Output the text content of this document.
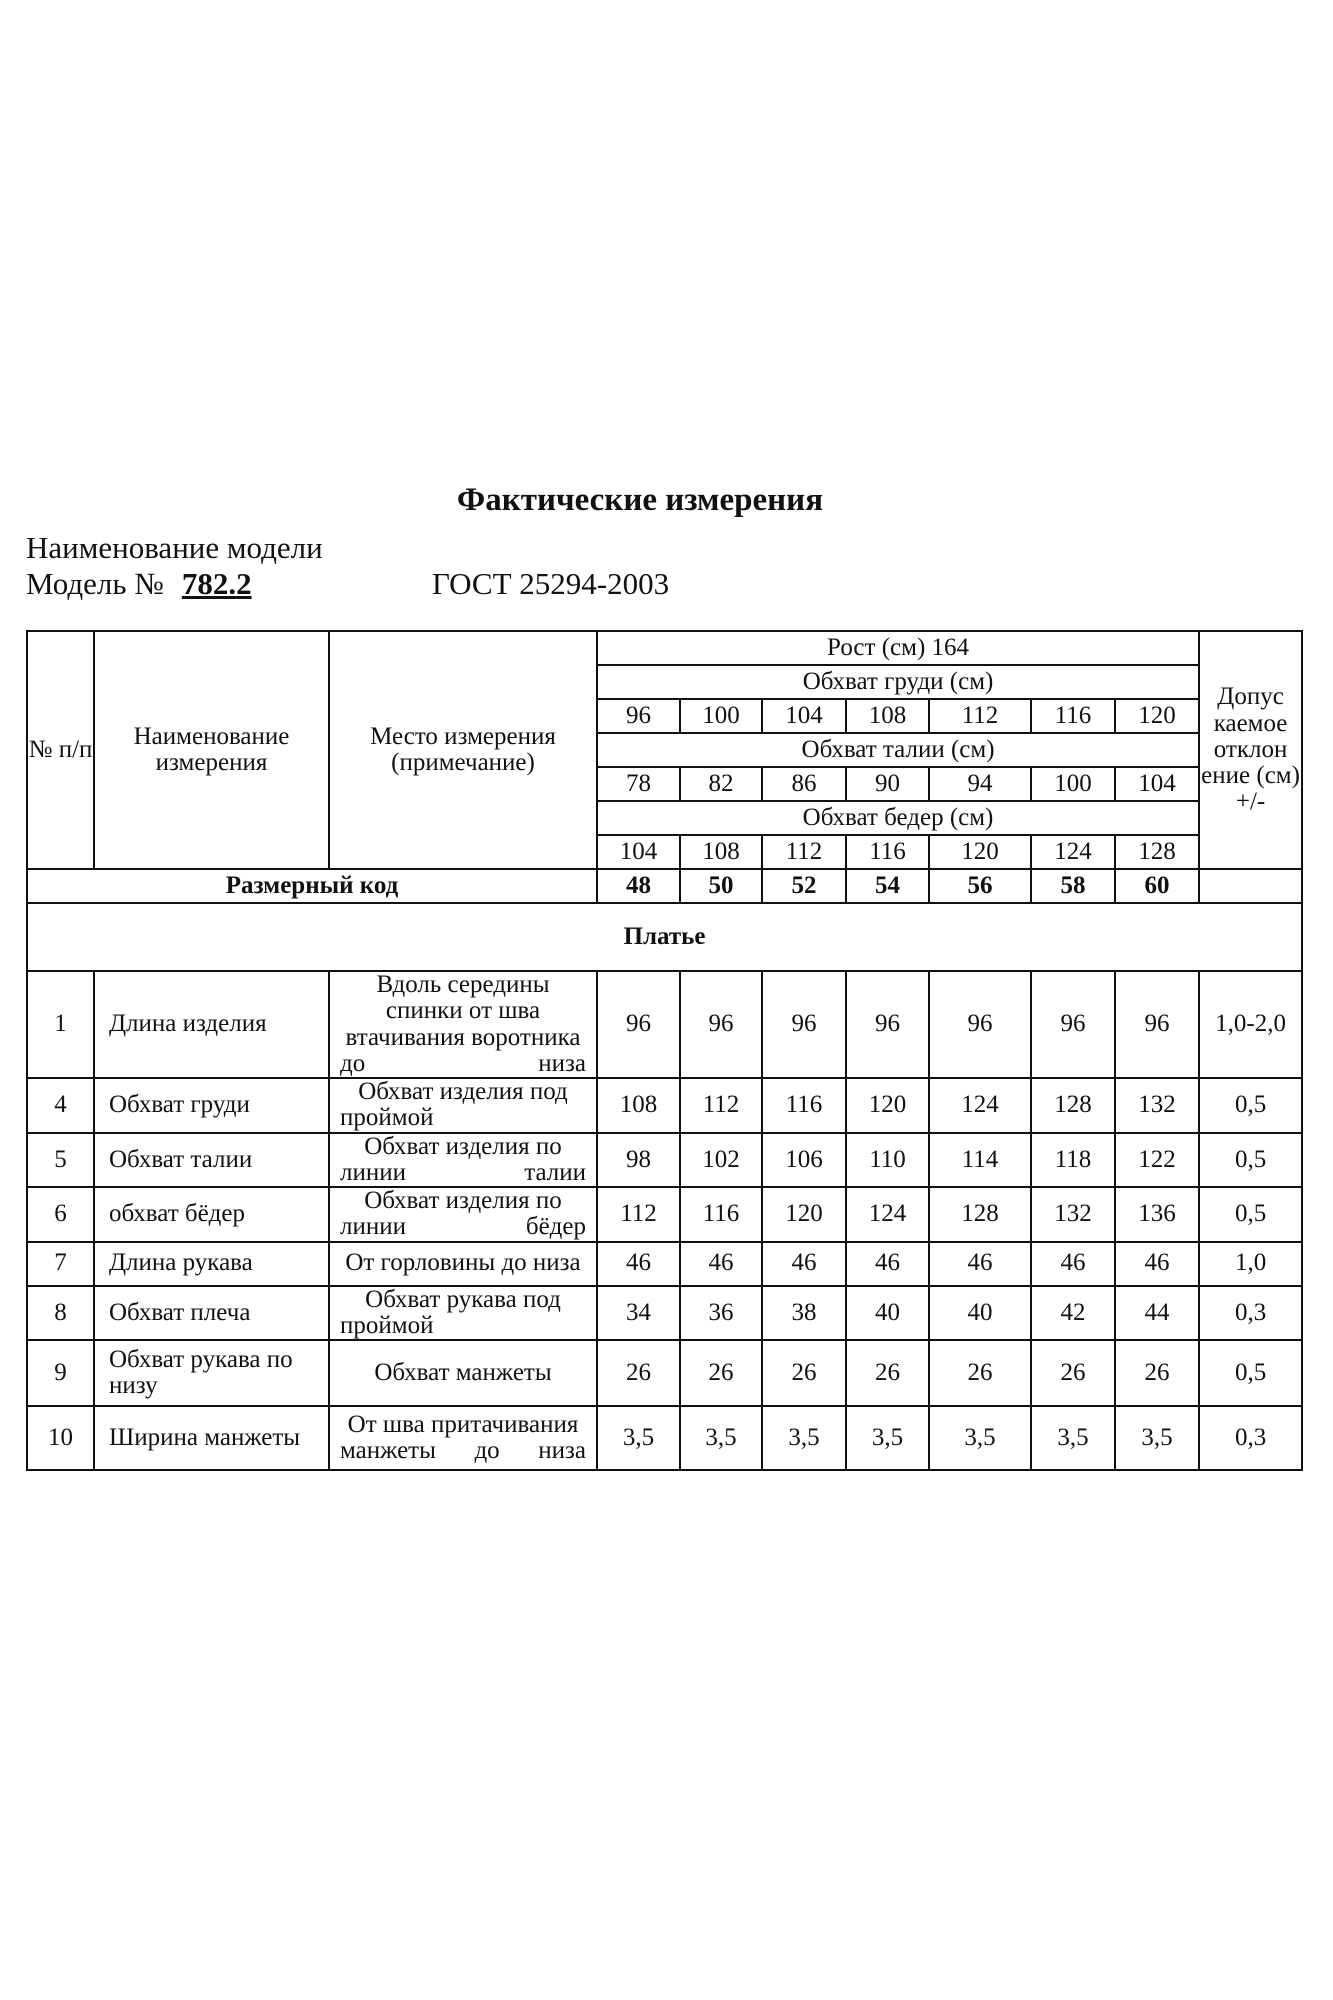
Фактические измерения
Наименование модели
Модель № 782.2	ГОСТ 25294-2003
№ п/п	Наименование измерения	Место измерения (примечание)	Рост (см) 164							Допус каемое отклон ение (см) +/-
			Обхват груди (см)							
			96	100	104	108	112	116	120	
			Обхват талии (см)							
			78	82	86	90	94	100	104	
			Обхват бедер (см)							
			104	108	112	116	120	124	128	
Размерный код			48	50	52	54	56	58	60	
Платье										
1	Длина изделия	Вдоль середины спинки от шва втачивания воротника до низа	96	96	96	96	96	96	96	1,0-2,0
4	Обхват груди	Обхват изделия под проймой	108	112	116	120	124	128	132	0,5
5	Обхват талии	Обхват изделия по линии талии	98	102	106	110	114	118	122	0,5
6	обхват бёдер	Обхват изделия по линии бёдер	112	116	120	124	128	132	136	0,5
7	Длина рукава	От горловины до низа	46	46	46	46	46	46	46	1,0
8	Обхват плеча	Обхват рукава под проймой	34	36	38	40	40	42	44	0,3
9	Обхват рукава по низу	Обхват манжеты	26	26	26	26	26	26	26	0,5
10	Ширина манжеты	От шва притачивания манжеты до низа	3,5	3,5	3,5	3,5	3,5	3,5	3,5	0,3
